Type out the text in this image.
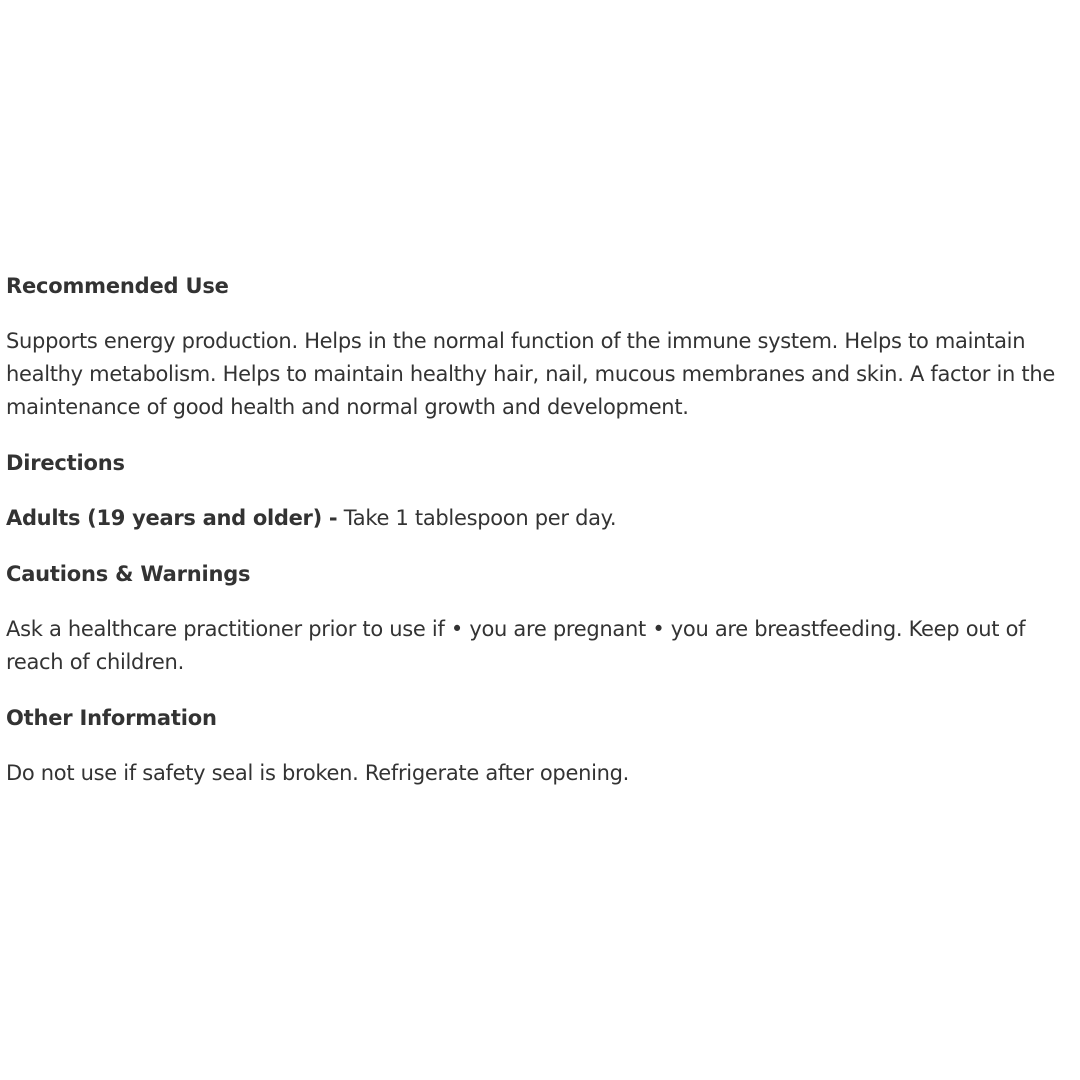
Recommended Use

Supports energy production. Helps in the normal function of the immune system. Helps to maintain healthy metabolism. Helps to maintain healthy hair, nail, mucous membranes and skin. A factor in the maintenance of good health and normal growth and development.

Directions

Adults (19 years and older) - Take 1 tablespoon per day.

Cautions & Warnings

Ask a healthcare practitioner prior to use if • you are pregnant • you are breastfeeding. Keep out of reach of children.

Other Information

Do not use if safety seal is broken. Refrigerate after opening.
